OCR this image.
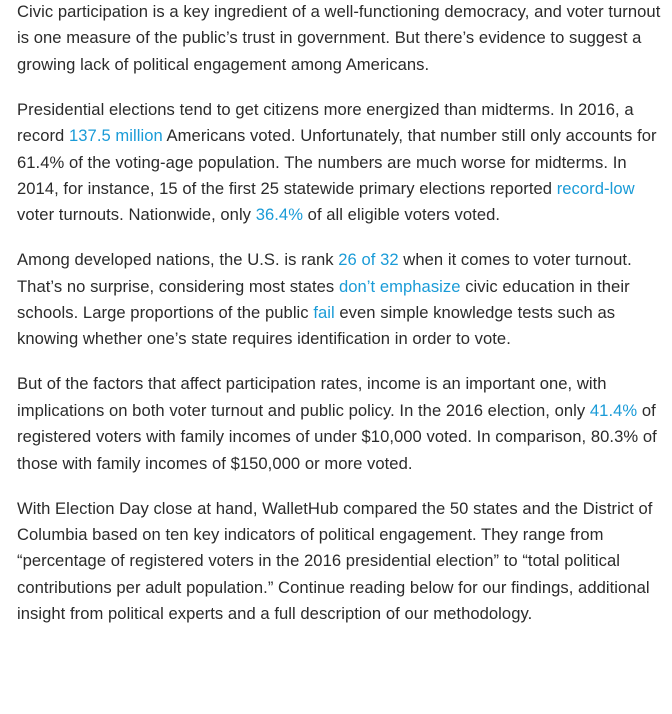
Civic participation is a key ingredient of a well-functioning democracy, and voter turnout is one measure of the public’s trust in government. But there’s evidence to suggest a growing lack of political engagement among Americans.

Presidential elections tend to get citizens more energized than midterms. In 2016, a record 137.5 million Americans voted. Unfortunately, that number still only accounts for 61.4% of the voting-age population. The numbers are much worse for midterms. In 2014, for instance, 15 of the first 25 statewide primary elections reported record-low voter turnouts. Nationwide, only 36.4% of all eligible voters voted.

Among developed nations, the U.S. is rank 26 of 32 when it comes to voter turnout. That’s no surprise, considering most states don’t emphasize civic education in their schools. Large proportions of the public fail even simple knowledge tests such as knowing whether one’s state requires identification in order to vote.

But of the factors that affect participation rates, income is an important one, with implications on both voter turnout and public policy. In the 2016 election, only 41.4% of registered voters with family incomes of under $10,000 voted. In comparison, 80.3% of those with family incomes of $150,000 or more voted.

With Election Day close at hand, WalletHub compared the 50 states and the District of Columbia based on ten key indicators of political engagement. They range from “percentage of registered voters in the 2016 presidential election” to “total political contributions per adult population.” Continue reading below for our findings, additional insight from political experts and a full description of our methodology.
